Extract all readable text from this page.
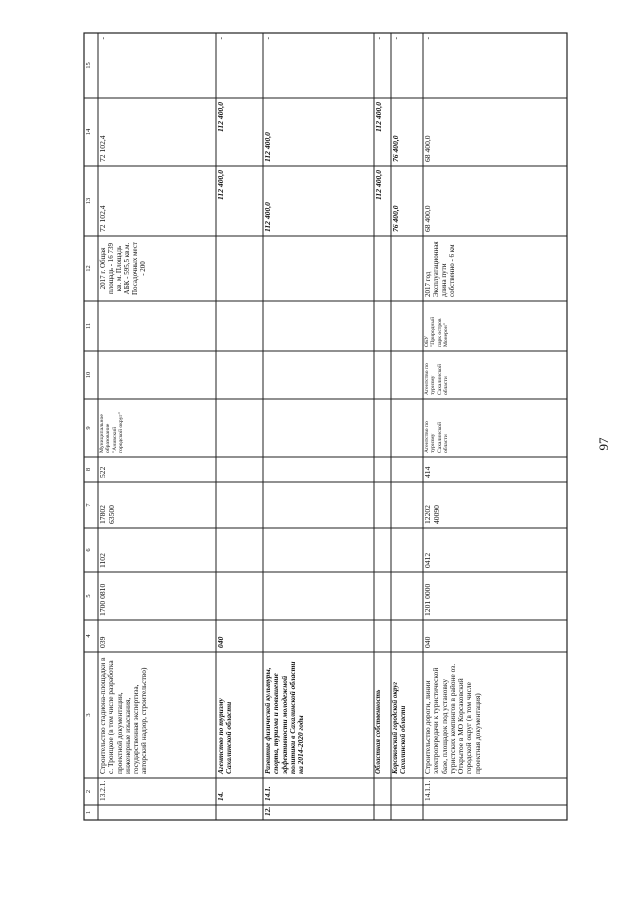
97
1
2
3
4
5
6
7
8
9
10
11
12
13
14
15
13.2.1.
Строительство стадиона-площадки в с. Троицкое (в том числе разработка проектной документации, инженерные изыскания, государственная экспертиза, авторский надзор, строительство)
039
1700 0810
1102
17802 63500
522
Муниципальное образование "Анивский городской округ"
2017 г. Общая площадь - 16 739 кв. м. Площадь АБК - 595,5 кв.м. Посадочных мест - 200
72 102,4
72 102,4
-
14.
Агентство по туризму Сахалинской области
040
112 400,0
112 400,0
-
12.
14.1.
Развитие физической культуры, спорта, туризма и повышение эффективности молодежной политики в Сахалинской области на 2014-2020 годы
112 400,0
112 400,0
-
Областная собственность
112 400,0
112 400,0
-
Корсаковский городской округ Сахалинской области
76 400,0
76 400,0
-
14.1.1.
Строительство дороги, линии электропередачи к туристической базе, площадок под установку туристских кемпингов в районе оз. Открытое в МО Корсаковский городской округ (в том числе проектная документация)
040
1201 0000
0412
12202 40090
414
Агентство по туризму Сахалинской области
Агентство по туризму Сахалинской области
ОБУ "Природный парк остров Монерон"
2017 год Эксплуатационная длина пути собственно - 6 км
68 400,0
68 400,0
-
